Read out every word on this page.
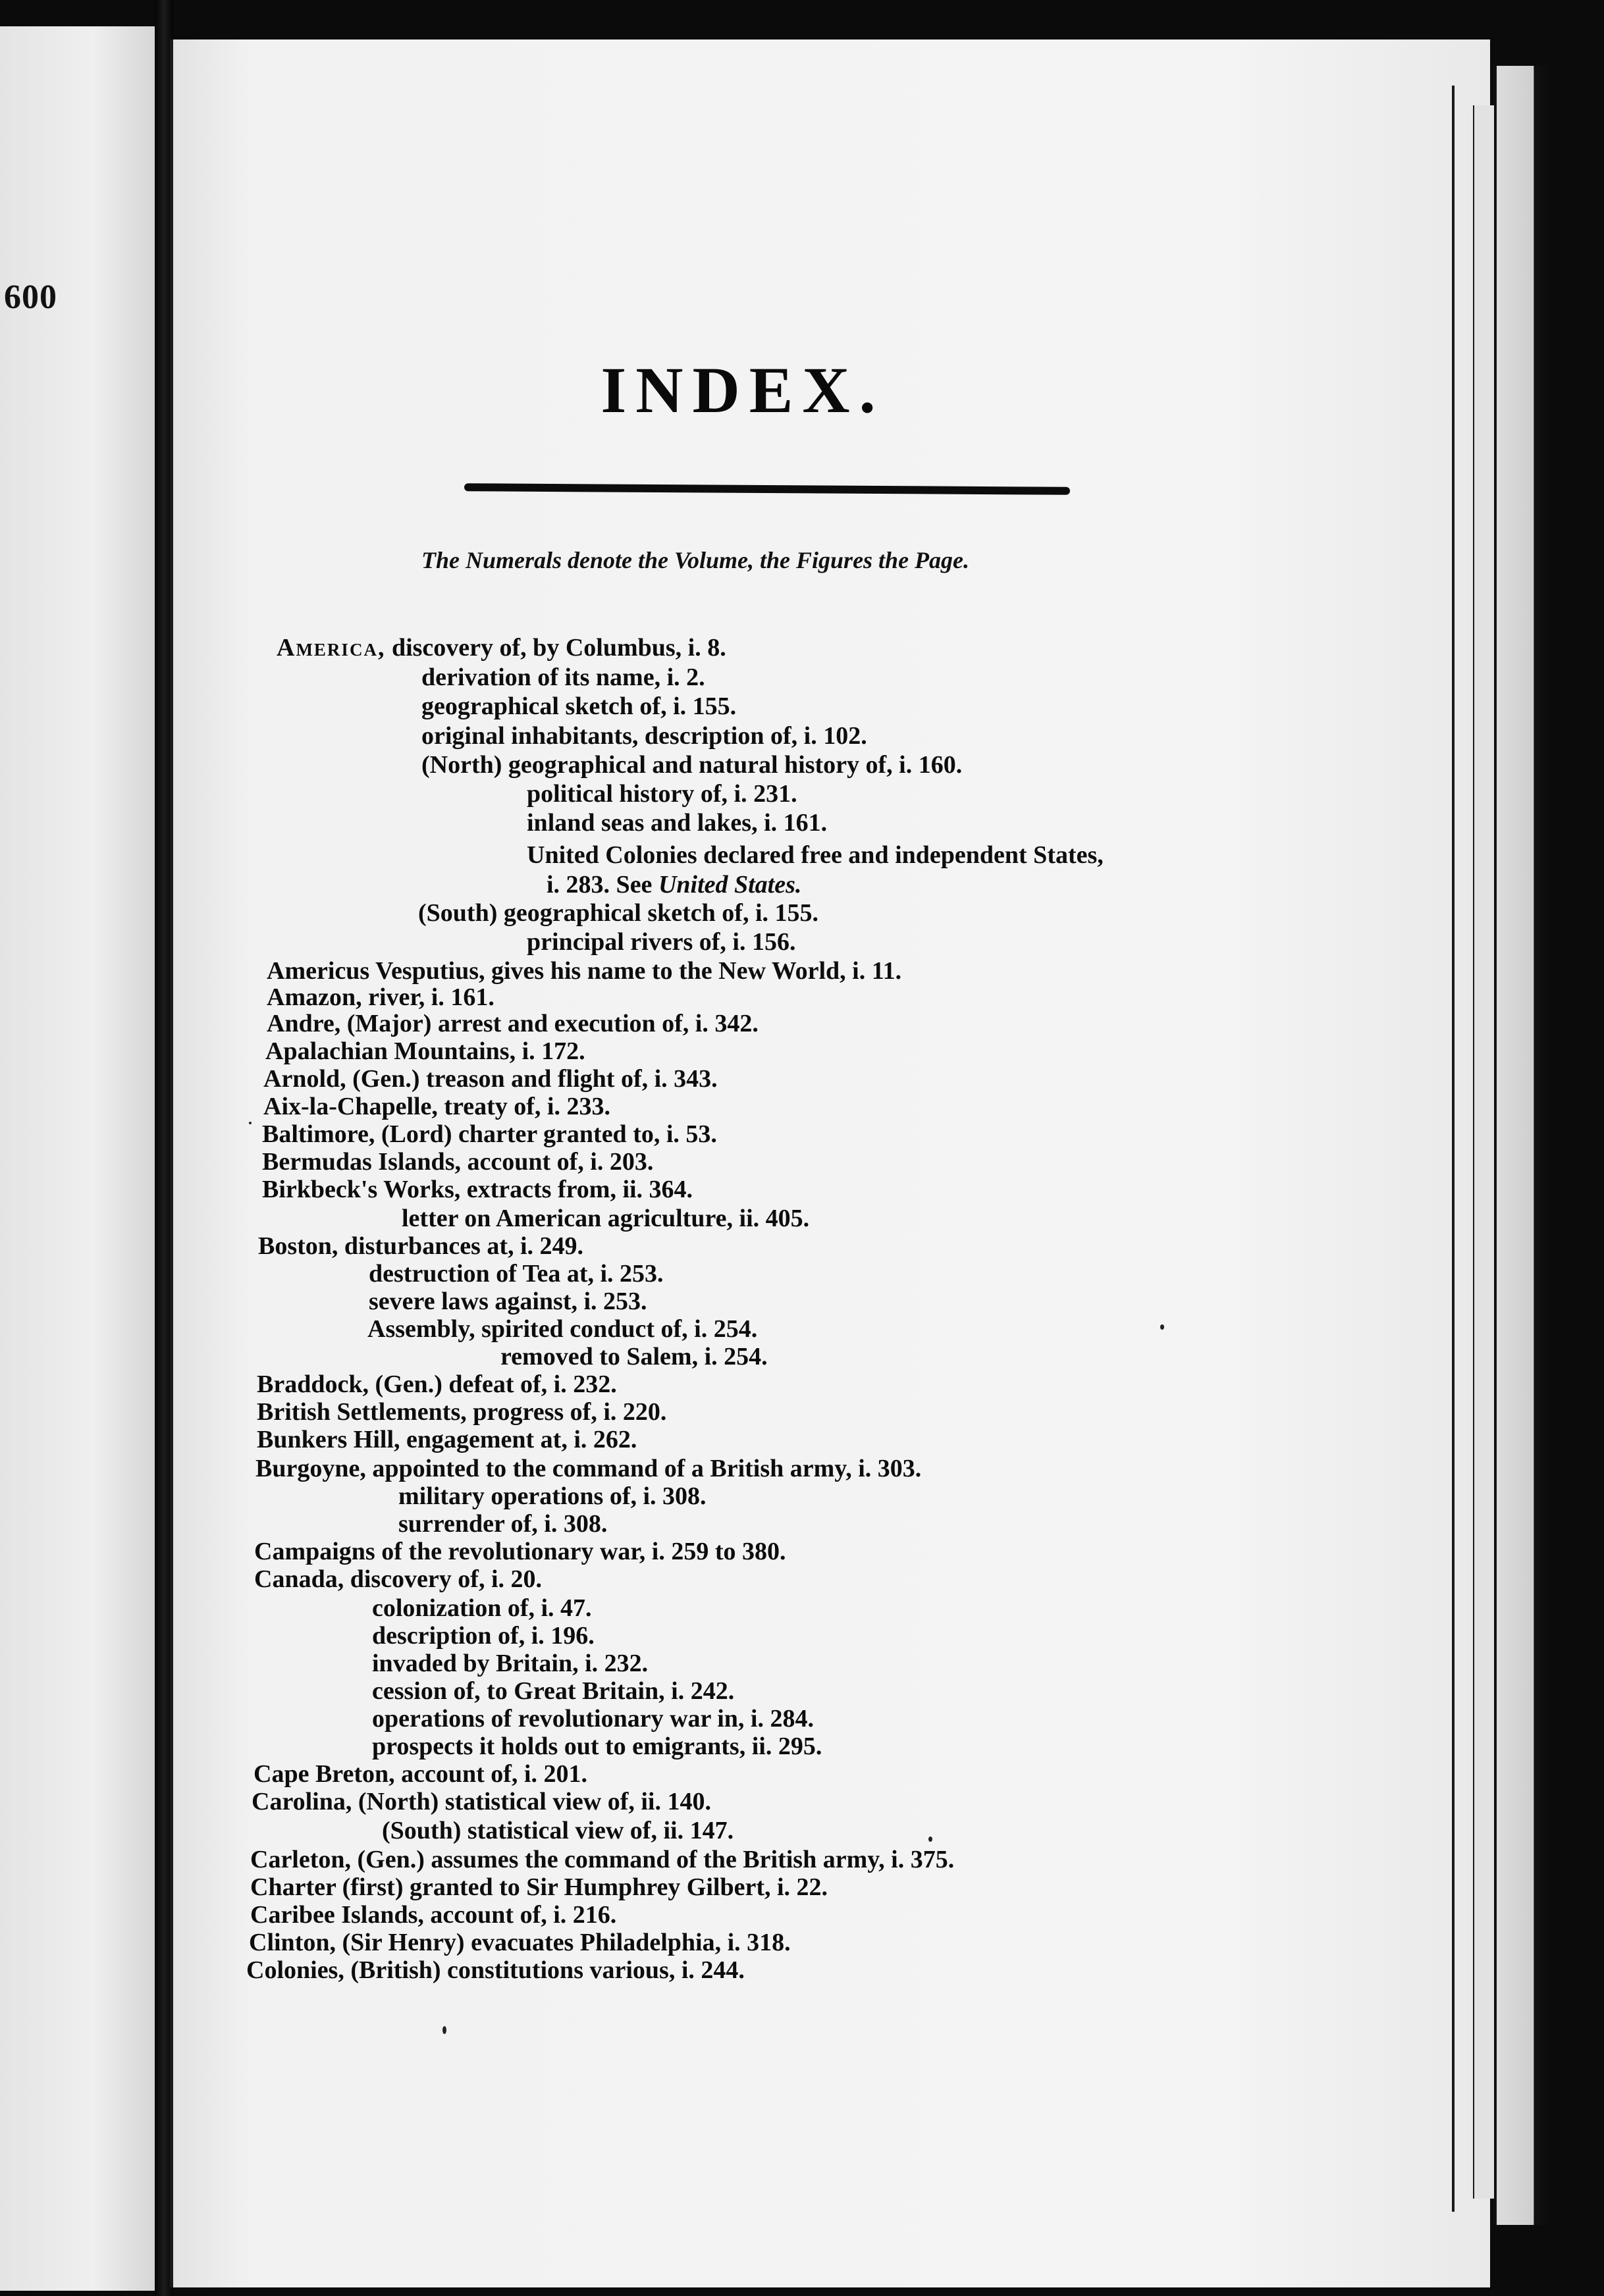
600
INDEX.
The Numerals denote the Volume, the Figures the Page.
America, discovery of, by Columbus, i. 8.
derivation of its name, i. 2.
geographical sketch of, i. 155.
original inhabitants, description of, i. 102.
(North) geographical and natural history of, i. 160.
political history of, i. 231.
inland seas and lakes, i. 161.
United Colonies declared free and independent States,
i. 283. See United States.
(South) geographical sketch of, i. 155.
principal rivers of, i. 156.
Americus Vesputius, gives his name to the New World, i. 11.
Amazon, river, i. 161.
Andre, (Major) arrest and execution of, i. 342.
Apalachian Mountains, i. 172.
Arnold, (Gen.) treason and flight of, i. 343.
Aix-la-Chapelle, treaty of, i. 233.
Baltimore, (Lord) charter granted to, i. 53.
Bermudas Islands, account of, i. 203.
Birkbeck's Works, extracts from, ii. 364.
letter on American agriculture, ii. 405.
Boston, disturbances at, i. 249.
destruction of Tea at, i. 253.
severe laws against, i. 253.
Assembly, spirited conduct of, i. 254.
removed to Salem, i. 254.
Braddock, (Gen.) defeat of, i. 232.
British Settlements, progress of, i. 220.
Bunkers Hill, engagement at, i. 262.
Burgoyne, appointed to the command of a British army, i. 303.
military operations of, i. 308.
surrender of, i. 308.
Campaigns of the revolutionary war, i. 259 to 380.
Canada, discovery of, i. 20.
colonization of, i. 47.
description of, i. 196.
invaded by Britain, i. 232.
cession of, to Great Britain, i. 242.
operations of revolutionary war in, i. 284.
prospects it holds out to emigrants, ii. 295.
Cape Breton, account of, i. 201.
Carolina, (North) statistical view of, ii. 140.
(South) statistical view of, ii. 147.
Carleton, (Gen.) assumes the command of the British army, i. 375.
Charter (first) granted to Sir Humphrey Gilbert, i. 22.
Caribee Islands, account of, i. 216.
Clinton, (Sir Henry) evacuates Philadelphia, i. 318.
Colonies, (British) constitutions various, i. 244.
